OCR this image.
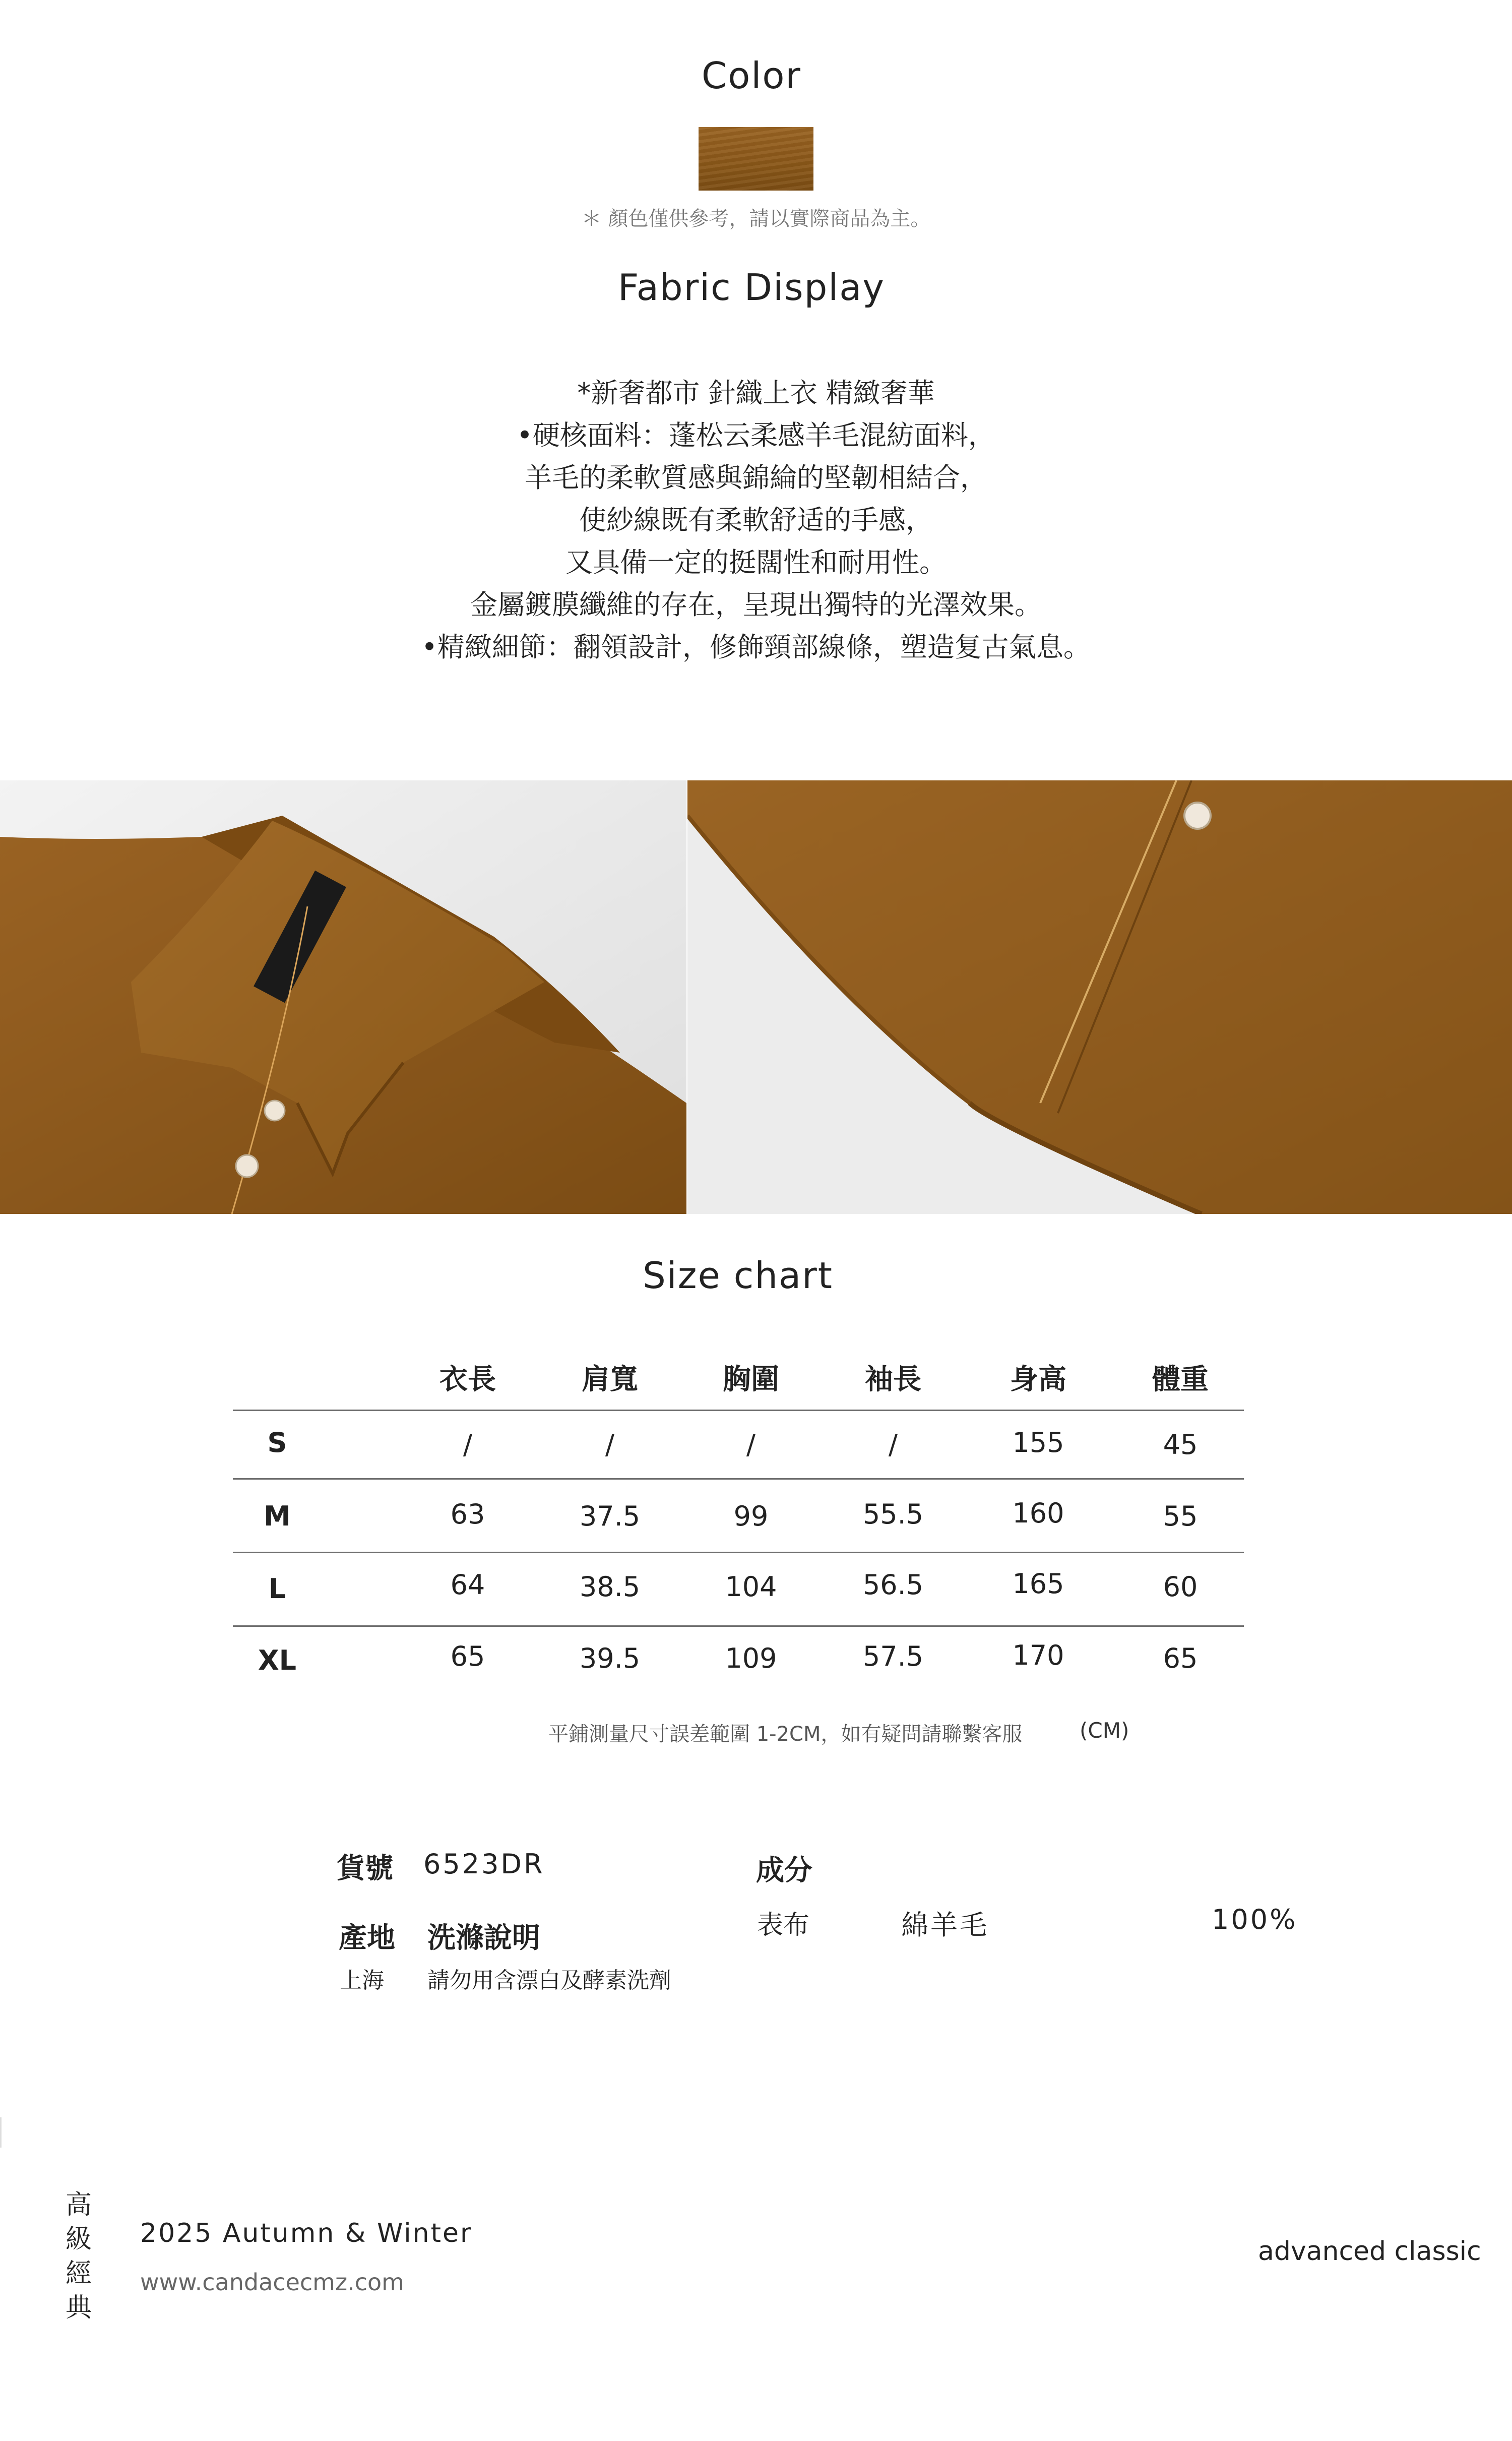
Color
＊ 顏色僅供參考，請以實際商品為主。
Fabric Display
*新奢都市 針織上衣 精緻奢華
•硬核面料：蓬松云柔感羊毛混紡面料，
羊毛的柔軟質感與錦綸的堅韌相結合，
使紗線既有柔軟舒适的手感，
又具備一定的挺闊性和耐用性。
金屬鍍膜纖維的存在，呈現出獨特的光澤效果。
•精緻細節：翻領設計，修飾頸部線條，塑造复古氣息。
Size chart
衣長	肩寬	胸圍	袖長	身高	體重
S	/	/	/	/	155	45
M	63	37.5	99	55.5	160	55
L	64	38.5	104	56.5	165	60
XL	65	39.5	109	57.5	170	65
平鋪測量尺寸誤差範圍 1-2CM，如有疑問請聯繫客服	(CM)
貨號 6523DR
產地 洗滌說明
上海 請勿用含漂白及酵素洗劑
成分
表布	綿羊毛	100%
高
級
經
典
2025 Autumn & Winter
www.candacecmz.com
advanced classic
